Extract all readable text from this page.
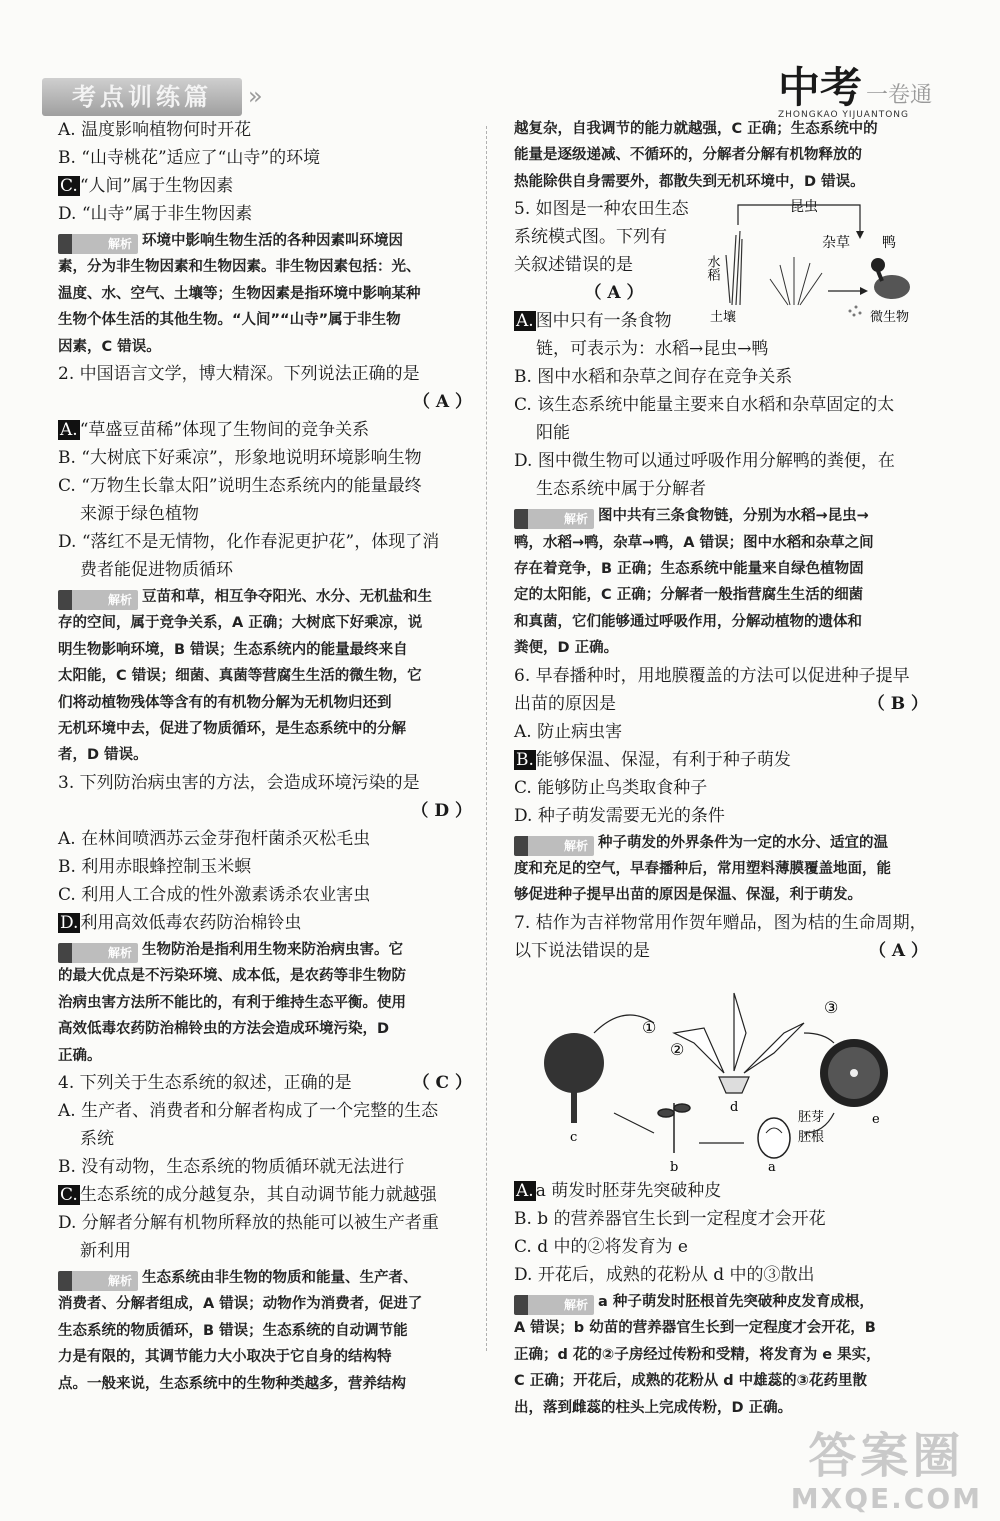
考点训练篇	»	中考 一卷通
ZHONGKAO YIJUANTONG
A. 温度影响植物何时开花
B. “山寺桃花”适应了“山寺”的环境
C. “人间”属于生物因素
D. “山寺”属于非生物因素
解析 环境中影响生物生活的各种因素叫环境因
素，分为非生物因素和生物因素。非生物因素包括：光、
温度、水、空气、土壤等；生物因素是指环境中影响某种
生物个体生活的其他生物。“人间”“山寺”属于非生物
因素，C 错误。
2. 中国语言文学，博大精深。下列说法正确的是
（ A ）
A. “草盛豆苗稀”体现了生物间的竞争关系
B. “大树底下好乘凉”，形象地说明环境影响生物
C. “万物生长靠太阳”说明生态系统内的能量最终
来源于绿色植物
D. “落红不是无情物，化作春泥更护花”，体现了消
费者能促进物质循环
解析 豆苗和草，相互争夺阳光、水分、无机盐和生
存的空间，属于竞争关系，A 正确；大树底下好乘凉，说
明生物影响环境，B 错误；生态系统内的能量最终来自
太阳能，C 错误；细菌、真菌等营腐生生活的微生物，它
们将动植物残体等含有的有机物分解为无机物归还到
无机环境中去，促进了物质循环，是生态系统中的分解
者，D 错误。
3. 下列防治病虫害的方法，会造成环境污染的是
（ D ）
A. 在林间喷洒苏云金芽孢杆菌杀灭松毛虫
B. 利用赤眼蜂控制玉米螟
C. 利用人工合成的性外激素诱杀农业害虫
D. 利用高效低毒农药防治棉铃虫
解析 生物防治是指利用生物来防治病虫害。它
的最大优点是不污染环境、成本低，是农药等非生物防
治病虫害方法所不能比的，有利于维持生态平衡。使用
高效低毒农药防治棉铃虫的方法会造成环境污染，D
正确。
4. 下列关于生态系统的叙述，正确的是	（ C ）
A. 生产者、消费者和分解者构成了一个完整的生态
系统
B. 没有动物，生态系统的物质循环就无法进行
C. 生态系统的成分越复杂，其自动调节能力就越强
D. 分解者分解有机物所释放的热能可以被生产者重
新利用
解析 生态系统由非生物的物质和能量、生产者、
消费者、分解者组成，A 错误；动物作为消费者，促进了
生态系统的物质循环，B 错误；生态系统的自动调节能
力是有限的，其调节能力大小取决于它自身的结构特
点。一般来说，生态系统中的生物种类越多，营养结构
越复杂，自我调节的能力就越强，C 正确；生态系统中的
能量是逐级递减、不循环的，分解者分解有机物释放的
热能除供自身需要外，都散失到无机环境中，D 错误。
5. 如图是一种农田生态
系统模式图。下列有
关叙述错误的是
（ A ）
昆虫
水稻
杂草 鸭
土壤	微生物
A. 图中只有一条食物
链，可表示为：水稻→昆虫→鸭
B. 图中水稻和杂草之间存在竞争关系
C. 该生态系统中能量主要来自水稻和杂草固定的太
阳能
D. 图中微生物可以通过呼吸作用分解鸭的粪便，在
生态系统中属于分解者
解析 图中共有三条食物链，分别为水稻→昆虫→
鸭，水稻→鸭，杂草→鸭，A 错误；图中水稻和杂草之间
存在着竞争，B 正确；生态系统中能量来自绿色植物固
定的太阳能，C 正确；分解者一般指营腐生生活的细菌
和真菌，它们能够通过呼吸作用，分解动植物的遗体和
粪便，D 正确。
6. 早春播种时，用地膜覆盖的方法可以促进种子提早
出苗的原因是	（ B ）
A. 防止病虫害
B. 能够保温、保湿，有利于种子萌发
C. 能够防止鸟类取食种子
D. 种子萌发需要无光的条件
解析 种子萌发的外界条件为一定的水分、适宜的温
度和充足的空气，早春播种后，常用塑料薄膜覆盖地面，能
够促进种子提早出苗的原因是保温、保湿，利于萌发。
7. 桔作为吉祥物常用作贺年赠品，图为桔的生命周期，
以下说法错误的是	（ A ）
①
②
③
d
e
c
b	a
胚芽
胚根
A. a 萌发时胚芽先突破种皮
B. b 的营养器官生长到一定程度才会开花
C. d 中的②将发育为 e
D. 开花后，成熟的花粉从 d 中的③散出
解析 a 种子萌发时胚根首先突破种皮发育成根，
A 错误；b 幼苗的营养器官生长到一定程度才会开花，B
正确；d 花的②子房经过传粉和受精，将发育为 e 果实，
C 正确；开花后，成熟的花粉从 d 中雄蕊的③花药里散
出，落到雌蕊的柱头上完成传粉，D 正确。
答案圈
MXQE.COM
